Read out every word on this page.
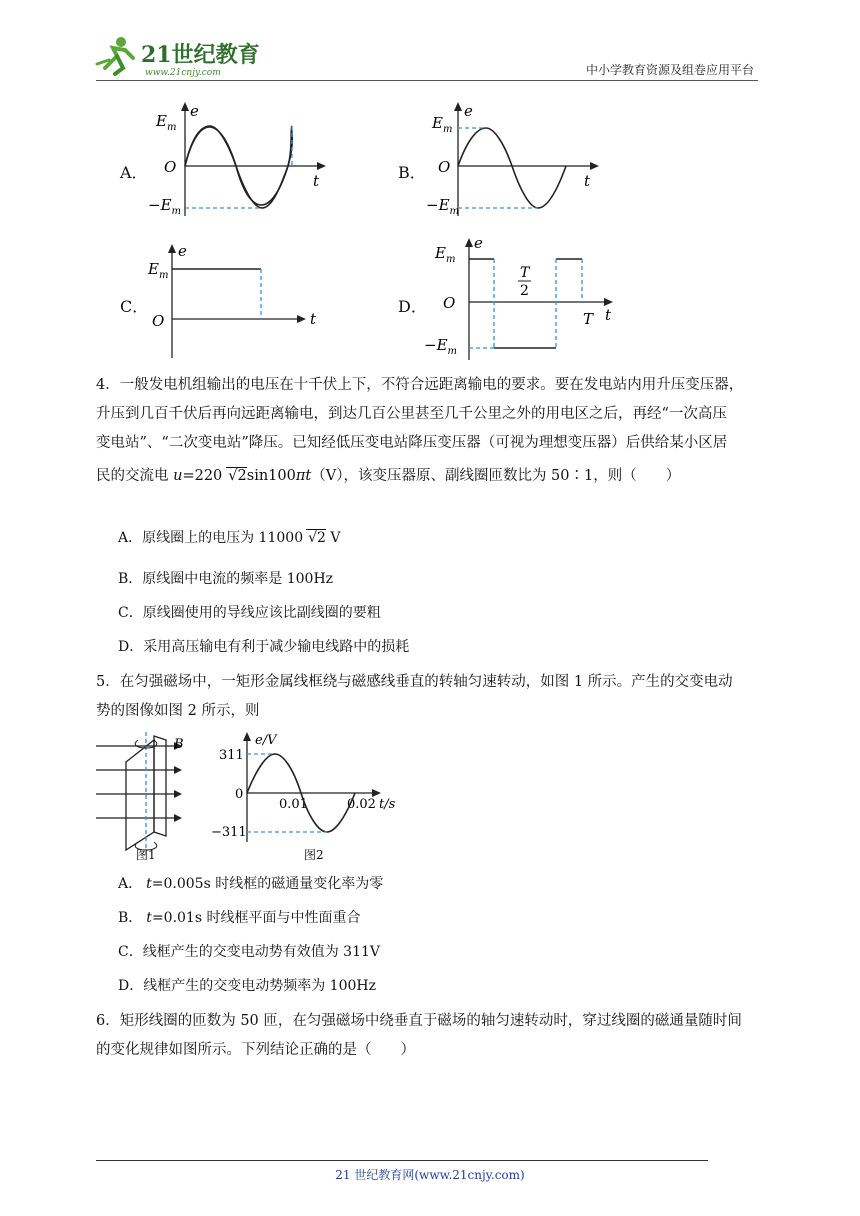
21世纪教育
www.21cnjy.com	中小学教育资源及组卷应用平台
A．
$E_m$
e
O
t
$-E_m$
B．
$E_m$
e
O
t
$-E_m$
C．
$E_m$
e
O	t
D．
$E_m$
e
O
t
T
$-E_m$
T
2
4．一般发电机组输出的电压在十千伏上下，不符合远距离输电的要求。要在发电站内用升压变压器，
升压到几百千伏后再向远距离输电，到达几百公里甚至几千公里之外的用电区之后，再经“一次高压
变电站”、“二次变电站”降压。已知经低压变电站降压变压器（可视为理想变压器）后供给某小区居
民的交流电 u=220 √2sin100πt（V），该变压器原、副线圈匝数比为 50∶1，则（　　）
A．原线圈上的电压为 11000 √2 V
B．原线圈中电流的频率是 100Hz
C．原线圈使用的导线应该比副线圈的要粗
D．采用高压输电有利于减少输电线路中的损耗
5．在匀强磁场中，一矩形金属线框绕与磁感线垂直的转轴匀速转动，如图 1 所示。产生的交变电动
势的图像如图 2 所示，则
B
图1
e/V
311
0
−311
0.01	0.02 t/s
图2
A． t=0.005s 时线框的磁通量变化率为零
B． t=0.01s 时线框平面与中性面重合
C．线框产生的交变电动势有效值为 311V
D．线框产生的交变电动势频率为 100Hz
6．矩形线圈的匝数为 50 匝，在匀强磁场中绕垂直于磁场的轴匀速转动时，穿过线圈的磁通量随时间
的变化规律如图所示。下列结论正确的是（　　）
21 世纪教育网(www.21cnjy.com)
